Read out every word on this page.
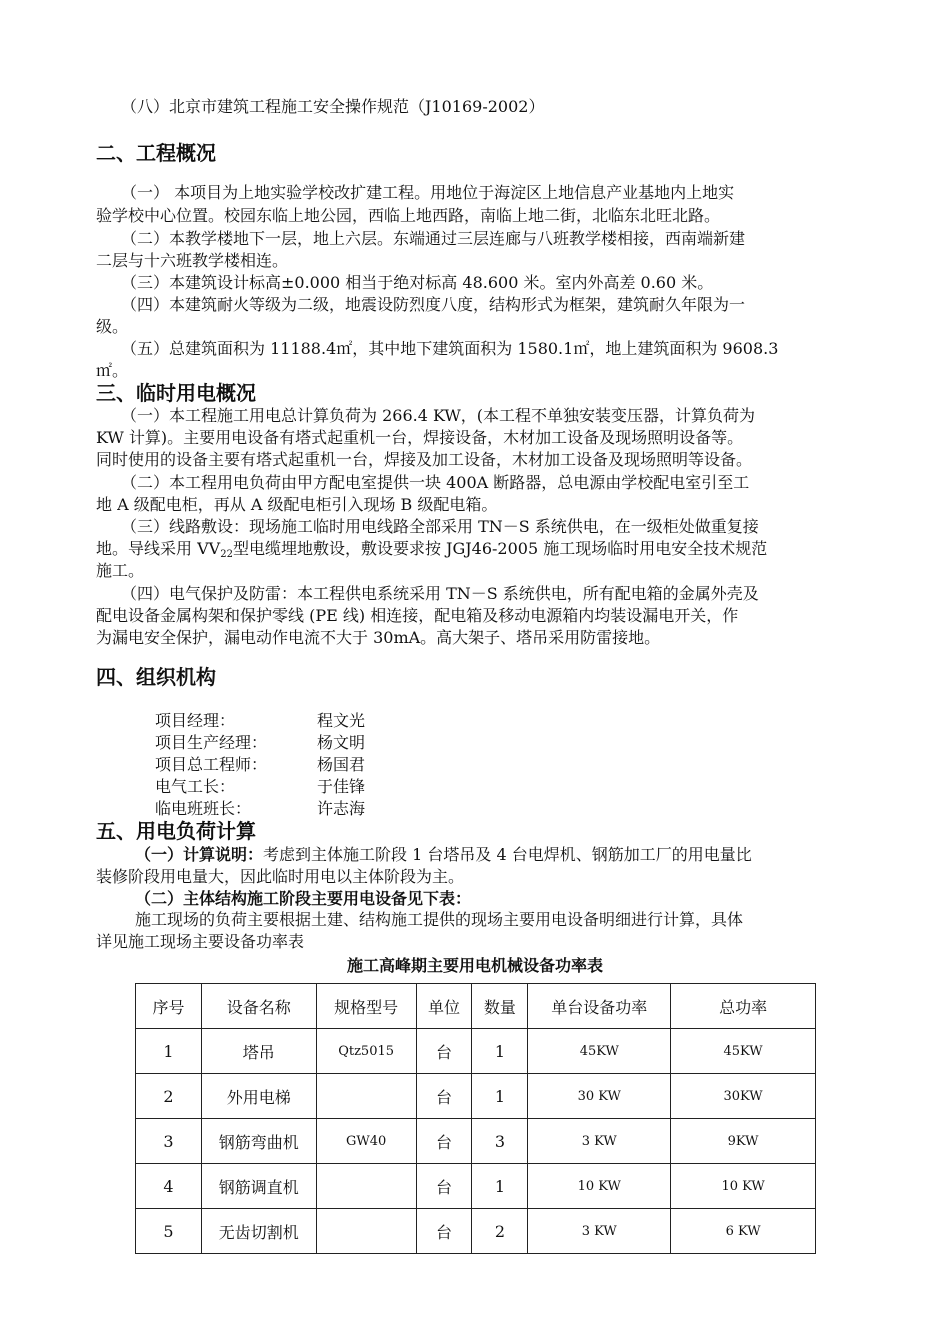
（八）北京市建筑工程施工安全操作规范（J10169-2002）
二、工程概况
（一） 本项目为上地实验学校改扩建工程。用地位于海淀区上地信息产业基地内上地实
验学校中心位置。校园东临上地公园，西临上地西路，南临上地二街，北临东北旺北路。
（二）本教学楼地下一层，地上六层。东端通过三层连廊与八班教学楼相接，西南端新建
二层与十六班教学楼相连。
（三）本建筑设计标高±0.000 相当于绝对标高 48.600 米。室内外高差 0.60 米。
（四）本建筑耐火等级为二级，地震设防烈度八度，结构形式为框架，建筑耐久年限为一
级。
（五）总建筑面积为 11188.4㎡，其中地下建筑面积为 1580.1㎡，地上建筑面积为 9608.3
㎡。
三、临时用电概况
（一）本工程施工用电总计算负荷为 266.4 KW，(本工程不单独安装变压器，计算负荷为
KW 计算)。主要用电设备有塔式起重机一台，焊接设备，木材加工设备及现场照明设备等。
同时使用的设备主要有塔式起重机一台，焊接及加工设备，木材加工设备及现场照明等设备。
（二）本工程用电负荷由甲方配电室提供一块 400A 断路器，总电源由学校配电室引至工
地 A 级配电柜，再从 A 级配电柜引入现场 B 级配电箱。
（三）线路敷设：现场施工临时用电线路全部采用 TN－S 系统供电，在一级柜处做重复接
地。导线采用 $VV_{22}$型电缆埋地敷设，敷设要求按 JGJ46-2005 施工现场临时用电安全技术规范
施工。
（四）电气保护及防雷：本工程供电系统采用 TN－S 系统供电，所有配电箱的金属外壳及
配电设备金属构架和保护零线 (PE 线) 相连接，配电箱及移动电源箱内均装设漏电开关，作
为漏电安全保护，漏电动作电流不大于 30mA。高大架子、塔吊采用防雷接地。
四、组织机构
项目经理：	程文光
项目生产经理：	杨文明
项目总工程师：	杨国君
电气工长：	于佳锋
临电班班长：	许志海
五、用电负荷计算
（一）计算说明：考虑到主体施工阶段 1 台塔吊及 4 台电焊机、钢筋加工厂的用电量比
装修阶段用电量大，因此临时用电以主体阶段为主。
（二）主体结构施工阶段主要用电设备见下表：
施工现场的负荷主要根据土建、结构施工提供的现场主要用电设备明细进行计算，具体
详见施工现场主要设备功率表
施工高峰期主要用电机械设备功率表
序号	设备名称	规格型号	单位	数量	单台设备功率	总功率
1	塔吊	Qtz5015	台	1	45KW	45KW
2	外用电梯		台	1	30 KW	30KW
3	钢筋弯曲机	GW40	台	3	3 KW	9KW
4	钢筋调直机		台	1	10 KW	10 KW
5	无齿切割机		台	2	3 KW	6 KW
